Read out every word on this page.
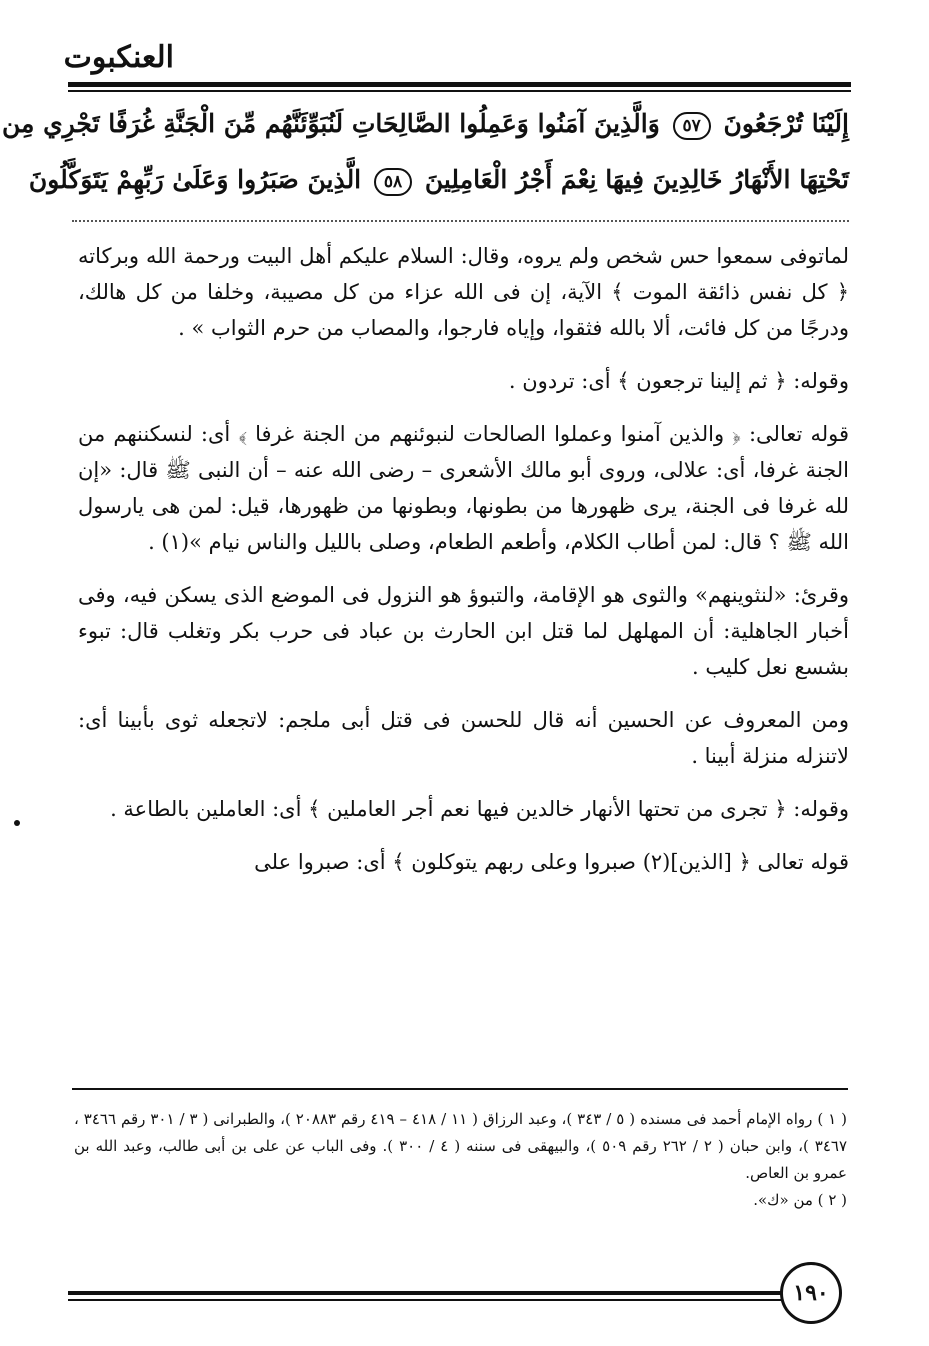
العنكبوت
إِلَيْنَا تُرْجَعُونَ ٥٧ وَالَّذِينَ آمَنُوا وَعَمِلُوا الصَّالِحَاتِ لَنُبَوِّئَنَّهُم مِّنَ الْجَنَّةِ غُرَفًا تَجْرِي مِن
تَحْتِهَا الأَنْهَارُ خَالِدِينَ فِيهَا نِعْمَ أَجْرُ الْعَامِلِينَ ٥٨ الَّذِينَ صَبَرُوا وَعَلَىٰ رَبِّهِمْ يَتَوَكَّلُونَ

لماتوفى سمعوا حس شخص ولم يروه، وقال: السلام عليكم أهل البيت ورحمة الله وبركاته ﴿ كل نفس ذائقة الموت ﴾ الآية، إن فى الله عزاء من كل مصيبة، وخلفا من كل هالك، ودرجًا من كل فائت، ألا بالله فثقوا، وإياه فارجوا، والمصاب من حرم الثواب » .

وقوله: ﴿ ثم إلينا ترجعون ﴾ أى: تردون .

قوله تعالى: ﴿ والذين آمنوا وعملوا الصالحات لنبوئنهم من الجنة غرفا ﴾ أى: لنسكننهم من الجنة غرفا، أى: علالى، وروى أبو مالك الأشعرى – رضى الله عنه – أن النبى ﷺ قال: «إن لله غرفا فى الجنة، يرى ظهورها من بطونها، وبطونها من ظهورها، قيل: لمن هى يارسول الله ﷺ ؟ قال: لمن أطاب الكلام، وأطعم الطعام، وصلى بالليل والناس نيام »(١) .

وقرئ: «لنثوينهم» والثوى هو الإقامة، والتبوؤ هو النزول فى الموضع الذى يسكن فيه، وفى أخبار الجاهلية: أن المهلهل لما قتل ابن الحارث بن عباد فى حرب بكر وتغلب قال: تبوء بشسع نعل كليب .

ومن المعروف عن الحسين أنه قال للحسن فى قتل أبى ملجم: لاتجعله ثوى بأبينا أى: لاتنزله منزلة أبينا .

وقوله: ﴿ تجرى من تحتها الأنهار خالدين فيها نعم أجر العاملين ﴾ أى: العاملين بالطاعة .

قوله تعالى ﴿ [الذين](٢) صبروا وعلى ربهم يتوكلون ﴾ أى: صبروا على

( ١ ) رواه الإمام أحمد فى مسنده ( ٥ / ٣٤٣ )، وعبد الرزاق ( ١١ / ٤١٨ – ٤١٩ رقم ٢٠٨٨٣ )، والطبرانى ( ٣ / ٣٠١ رقم ٣٤٦٦ ، ٣٤٦٧ )، وابن حبان ( ٢ / ٢٦٢ رقم ٥٠٩ )، والبيهقى فى سننه ( ٤ / ٣٠٠ ). وفى الباب عن على بن أبى طالب، وعبد الله بن عمرو بن العاص.

( ٢ ) من «ك».

١٩٠
